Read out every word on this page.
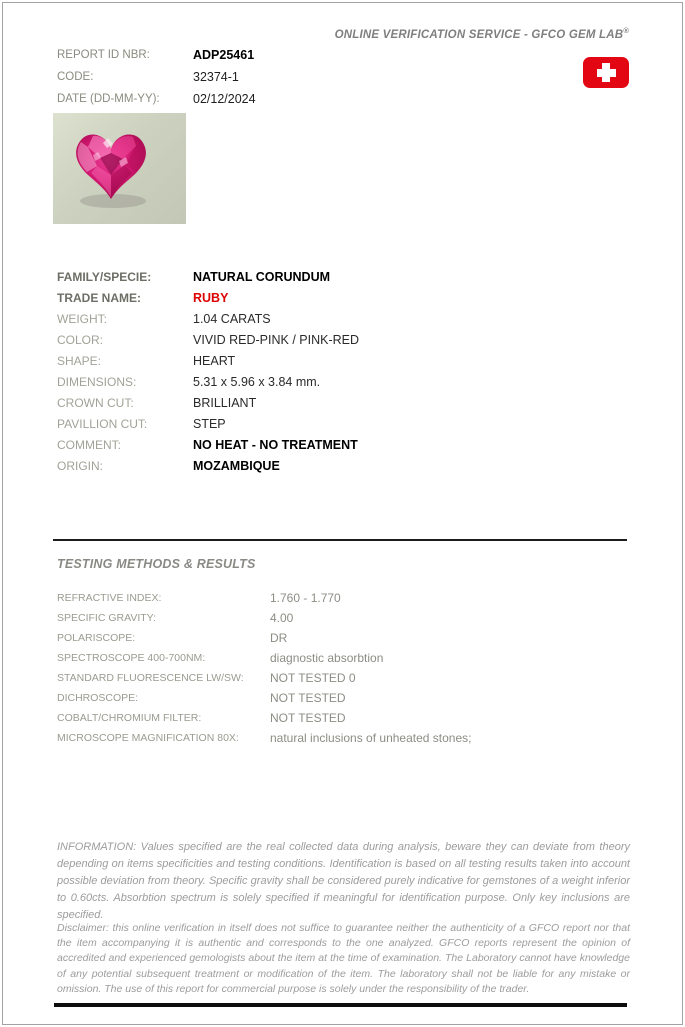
ONLINE VERIFICATION SERVICE - GFCO GEM LAB®
REPORT ID NBR:	ADP25461
CODE:	32374-1
DATE (DD-MM-YY):	02/12/2024
FAMILY/SPECIE:	NATURAL CORUNDUM
TRADE NAME:	RUBY
WEIGHT:	1.04 CARATS
COLOR:	VIVID RED-PINK / PINK-RED
SHAPE:	HEART
DIMENSIONS:	5.31 x 5.96 x 3.84 mm.
CROWN CUT:	BRILLIANT
PAVILLION CUT:	STEP
COMMENT:	NO HEAT - NO TREATMENT
ORIGIN:	MOZAMBIQUE
TESTING METHODS & RESULTS
REFRACTIVE INDEX:	1.760 - 1.770
SPECIFIC GRAVITY:	4.00
POLARISCOPE:	DR
SPECTROSCOPE 400-700NM:	diagnostic absorbtion
STANDARD FLUORESCENCE LW/SW:	NOT TESTED 0
DICHROSCOPE:	NOT TESTED
COBALT/CHROMIUM FILTER:	NOT TESTED
MICROSCOPE MAGNIFICATION 80X:	natural inclusions of unheated stones;
INFORMATION: Values specified are the real collected data during analysis, beware they can deviate from theory depending on items specificities and testing conditions. Identification is based on all testing results taken into account possible deviation from theory. Specific gravity shall be considered purely indicative for gemstones of a weight inferior to 0.60cts. Absorbtion spectrum is solely specified if meaningful for identification purpose. Only key inclusions are specified.
Disclaimer: this online verification in itself does not suffice to guarantee neither the authenticity of a GFCO report nor that the item accompanying it is authentic and corresponds to the one analyzed. GFCO reports represent the opinion of accredited and experienced gemologists about the item at the time of examination. The Laboratory cannot have knowledge of any potential subsequent treatment or modification of the item. The laboratory shall not be liable for any mistake or omission. The use of this report for commercial purpose is solely under the responsibility of the trader.
